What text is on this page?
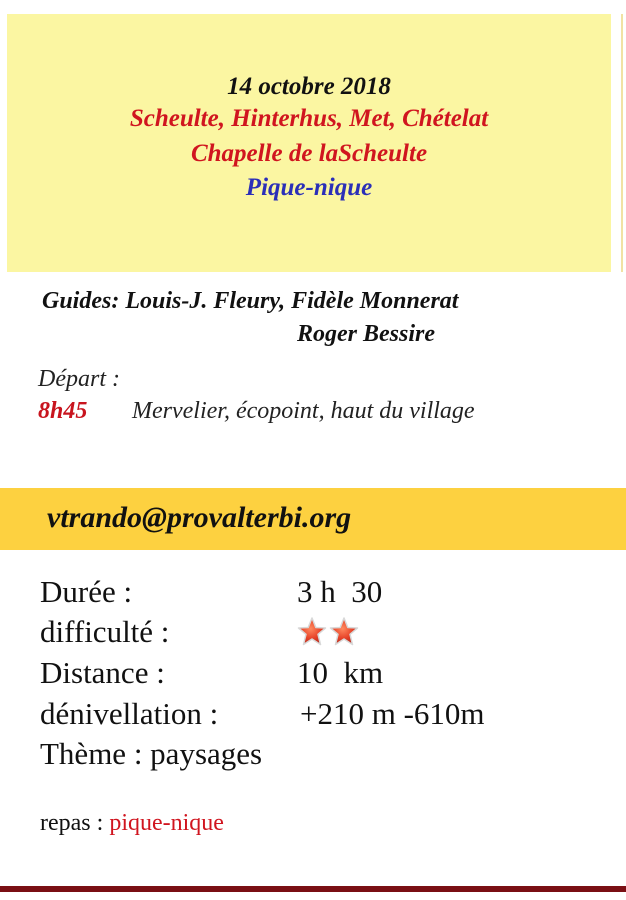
14 octobre 2018
Scheulte, Hinterhus, Met, Chételat
Chapelle de laScheulte
Pique-nique
Guides: Louis-J. Fleury, Fidèle Monnerat
Roger Bessire
Départ :
8h45 Mervelier, écopoint, haut du village
vtrando@provalterbi.org
Durée :	3 h  30
difficulté :
Distance :	10  km
dénivellation :	+210 m -610m
Thème : paysages
repas : pique-nique
